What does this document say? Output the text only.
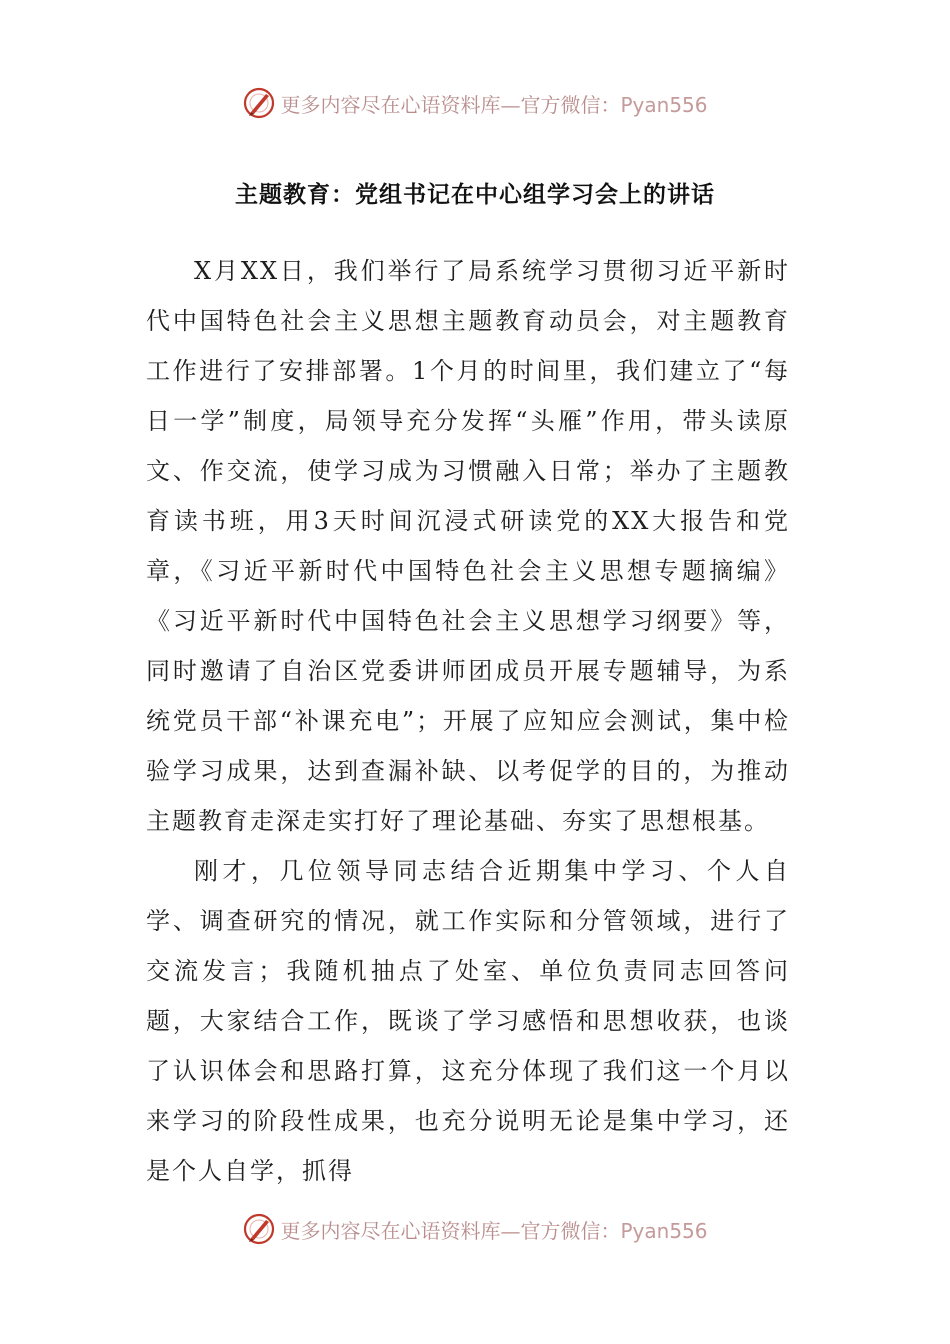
更多内容尽在心语资料库—官方微信：Pyan556
主题教育：党组书记在中心组学习会上的讲话

X月XX日，我们举行了局系统学习贯彻习近平新时代中国特色社会主义思想主题教育动员会，对主题教育工作进行了安排部署。1个月的时间里，我们建立了“每日一学”制度，局领导充分发挥“头雁”作用，带头读原文、作交流，使学习成为习惯融入日常；举办了主题教育读书班，用3天时间沉浸式研读党的XX大报告和党章，《习近平新时代中国特色社会主义思想专题摘编》《习近平新时代中国特色社会主义思想学习纲要》等，同时邀请了自治区党委讲师团成员开展专题辅导，为系统党员干部“补课充电”；开展了应知应会测试，集中检验学习成果，达到查漏补缺、以考促学的目的，为推动主题教育走深走实打好了理论基础、夯实了思想根基。

刚才，几位领导同志结合近期集中学习、个人自学、调查研究的情况，就工作实际和分管领域，进行了交流发言；我随机抽点了处室、单位负责同志回答问题，大家结合工作，既谈了学习感悟和思想收获，也谈了认识体会和思路打算，这充分体现了我们这一个月以来学习的阶段性成果，也充分说明无论是集中学习，还是个人自学，抓得

更多内容尽在心语资料库—官方微信：Pyan556
